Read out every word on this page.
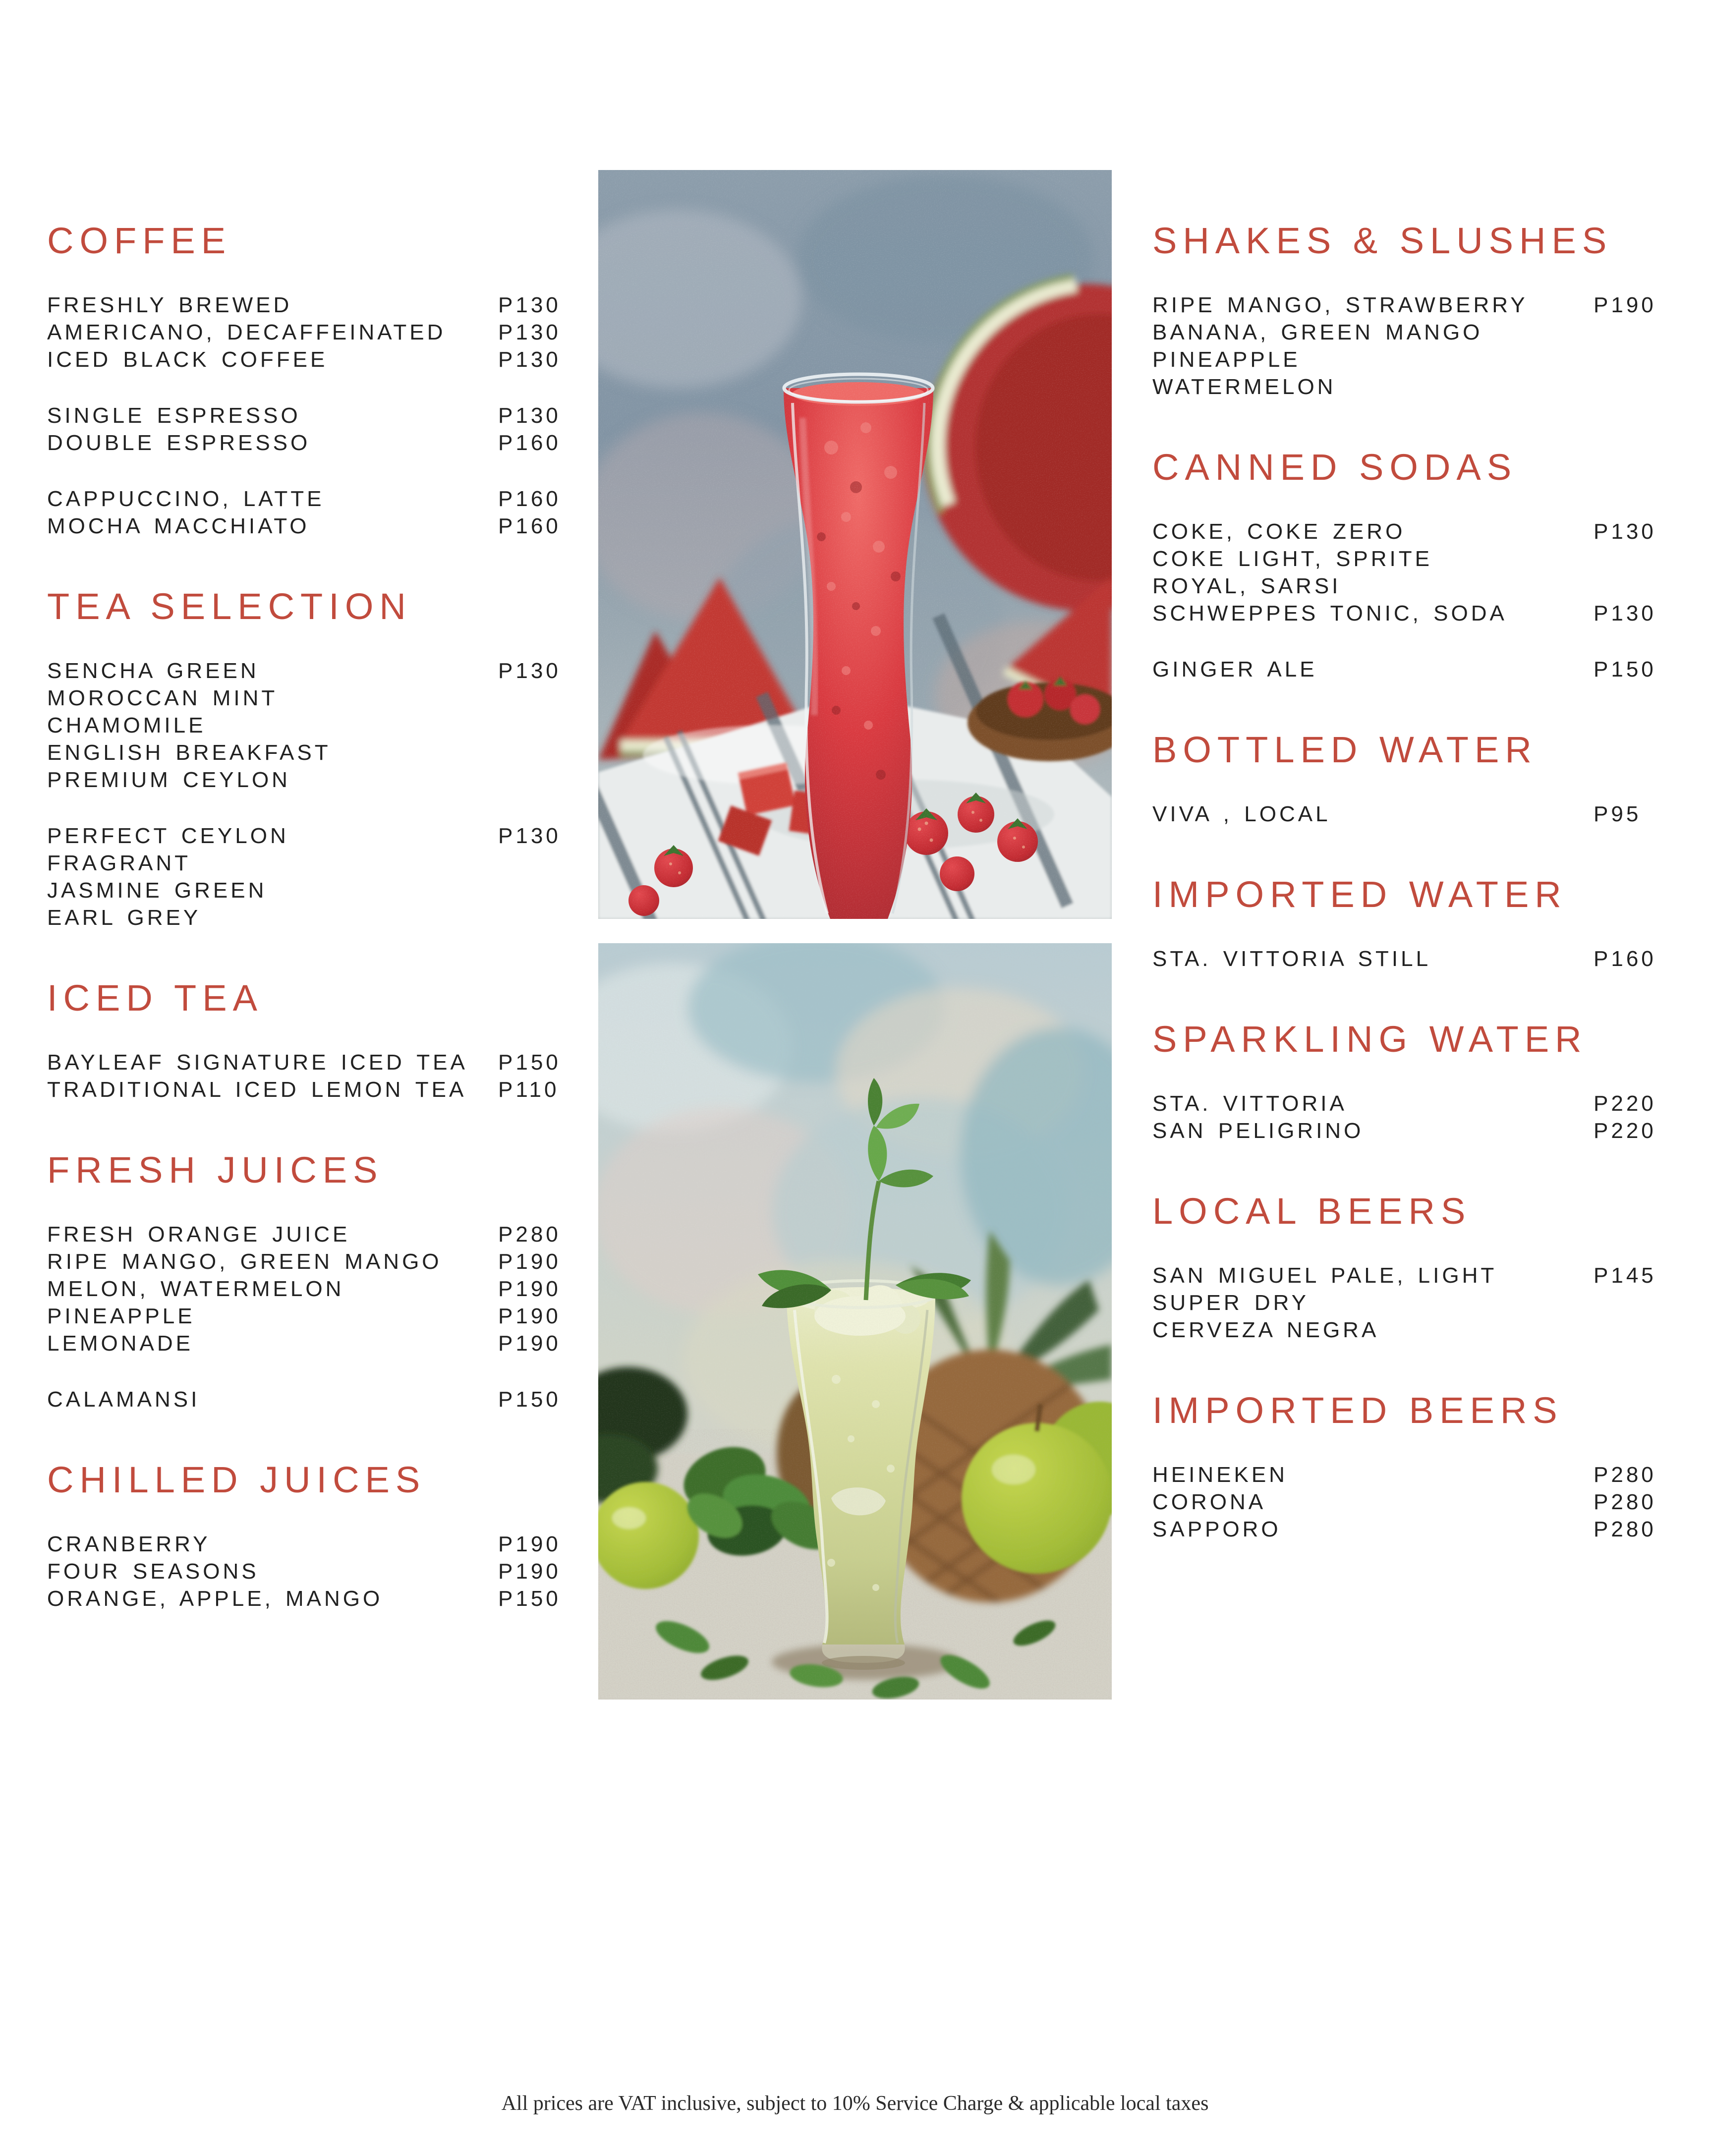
COFFEE
FRESHLY BREWED	P130
AMERICANO, DECAFFEINATED	P130
ICED BLACK COFFEE	P130
SINGLE ESPRESSO	P130
DOUBLE ESPRESSO	P160
CAPPUCCINO, LATTE	P160
MOCHA MACCHIATO	P160
TEA SELECTION
SENCHA GREEN	P130
MOROCCAN MINT
CHAMOMILE
ENGLISH BREAKFAST
PREMIUM CEYLON
PERFECT CEYLON	P130
FRAGRANT
JASMINE GREEN
EARL GREY
ICED TEA
BAYLEAF SIGNATURE ICED TEA	P150
TRADITIONAL ICED LEMON TEA	P110
FRESH JUICES
FRESH ORANGE JUICE	P280
RIPE MANGO, GREEN MANGO	P190
MELON, WATERMELON	P190
PINEAPPLE	P190
LEMONADE	P190
CALAMANSI	P150
CHILLED JUICES
CRANBERRY	P190
FOUR SEASONS	P190
ORANGE, APPLE, MANGO	P150
SHAKES & SLUSHES
RIPE MANGO, STRAWBERRY	P190
BANANA, GREEN MANGO
PINEAPPLE
WATERMELON
CANNED SODAS
COKE, COKE ZERO	P130
COKE LIGHT, SPRITE
ROYAL, SARSI
SCHWEPPES TONIC, SODA	P130
GINGER ALE	P150
BOTTLED WATER
VIVA , LOCAL	P95
IMPORTED WATER
STA. VITTORIA STILL	P160
SPARKLING WATER
STA. VITTORIA	P220
SAN PELIGRINO	P220
LOCAL BEERS
SAN MIGUEL PALE, LIGHT	P145
SUPER DRY
CERVEZA NEGRA
IMPORTED BEERS
HEINEKEN	P280
CORONA	P280
SAPPORO	P280
All prices are VAT inclusive, subject to 10% Service Charge & applicable local taxes
